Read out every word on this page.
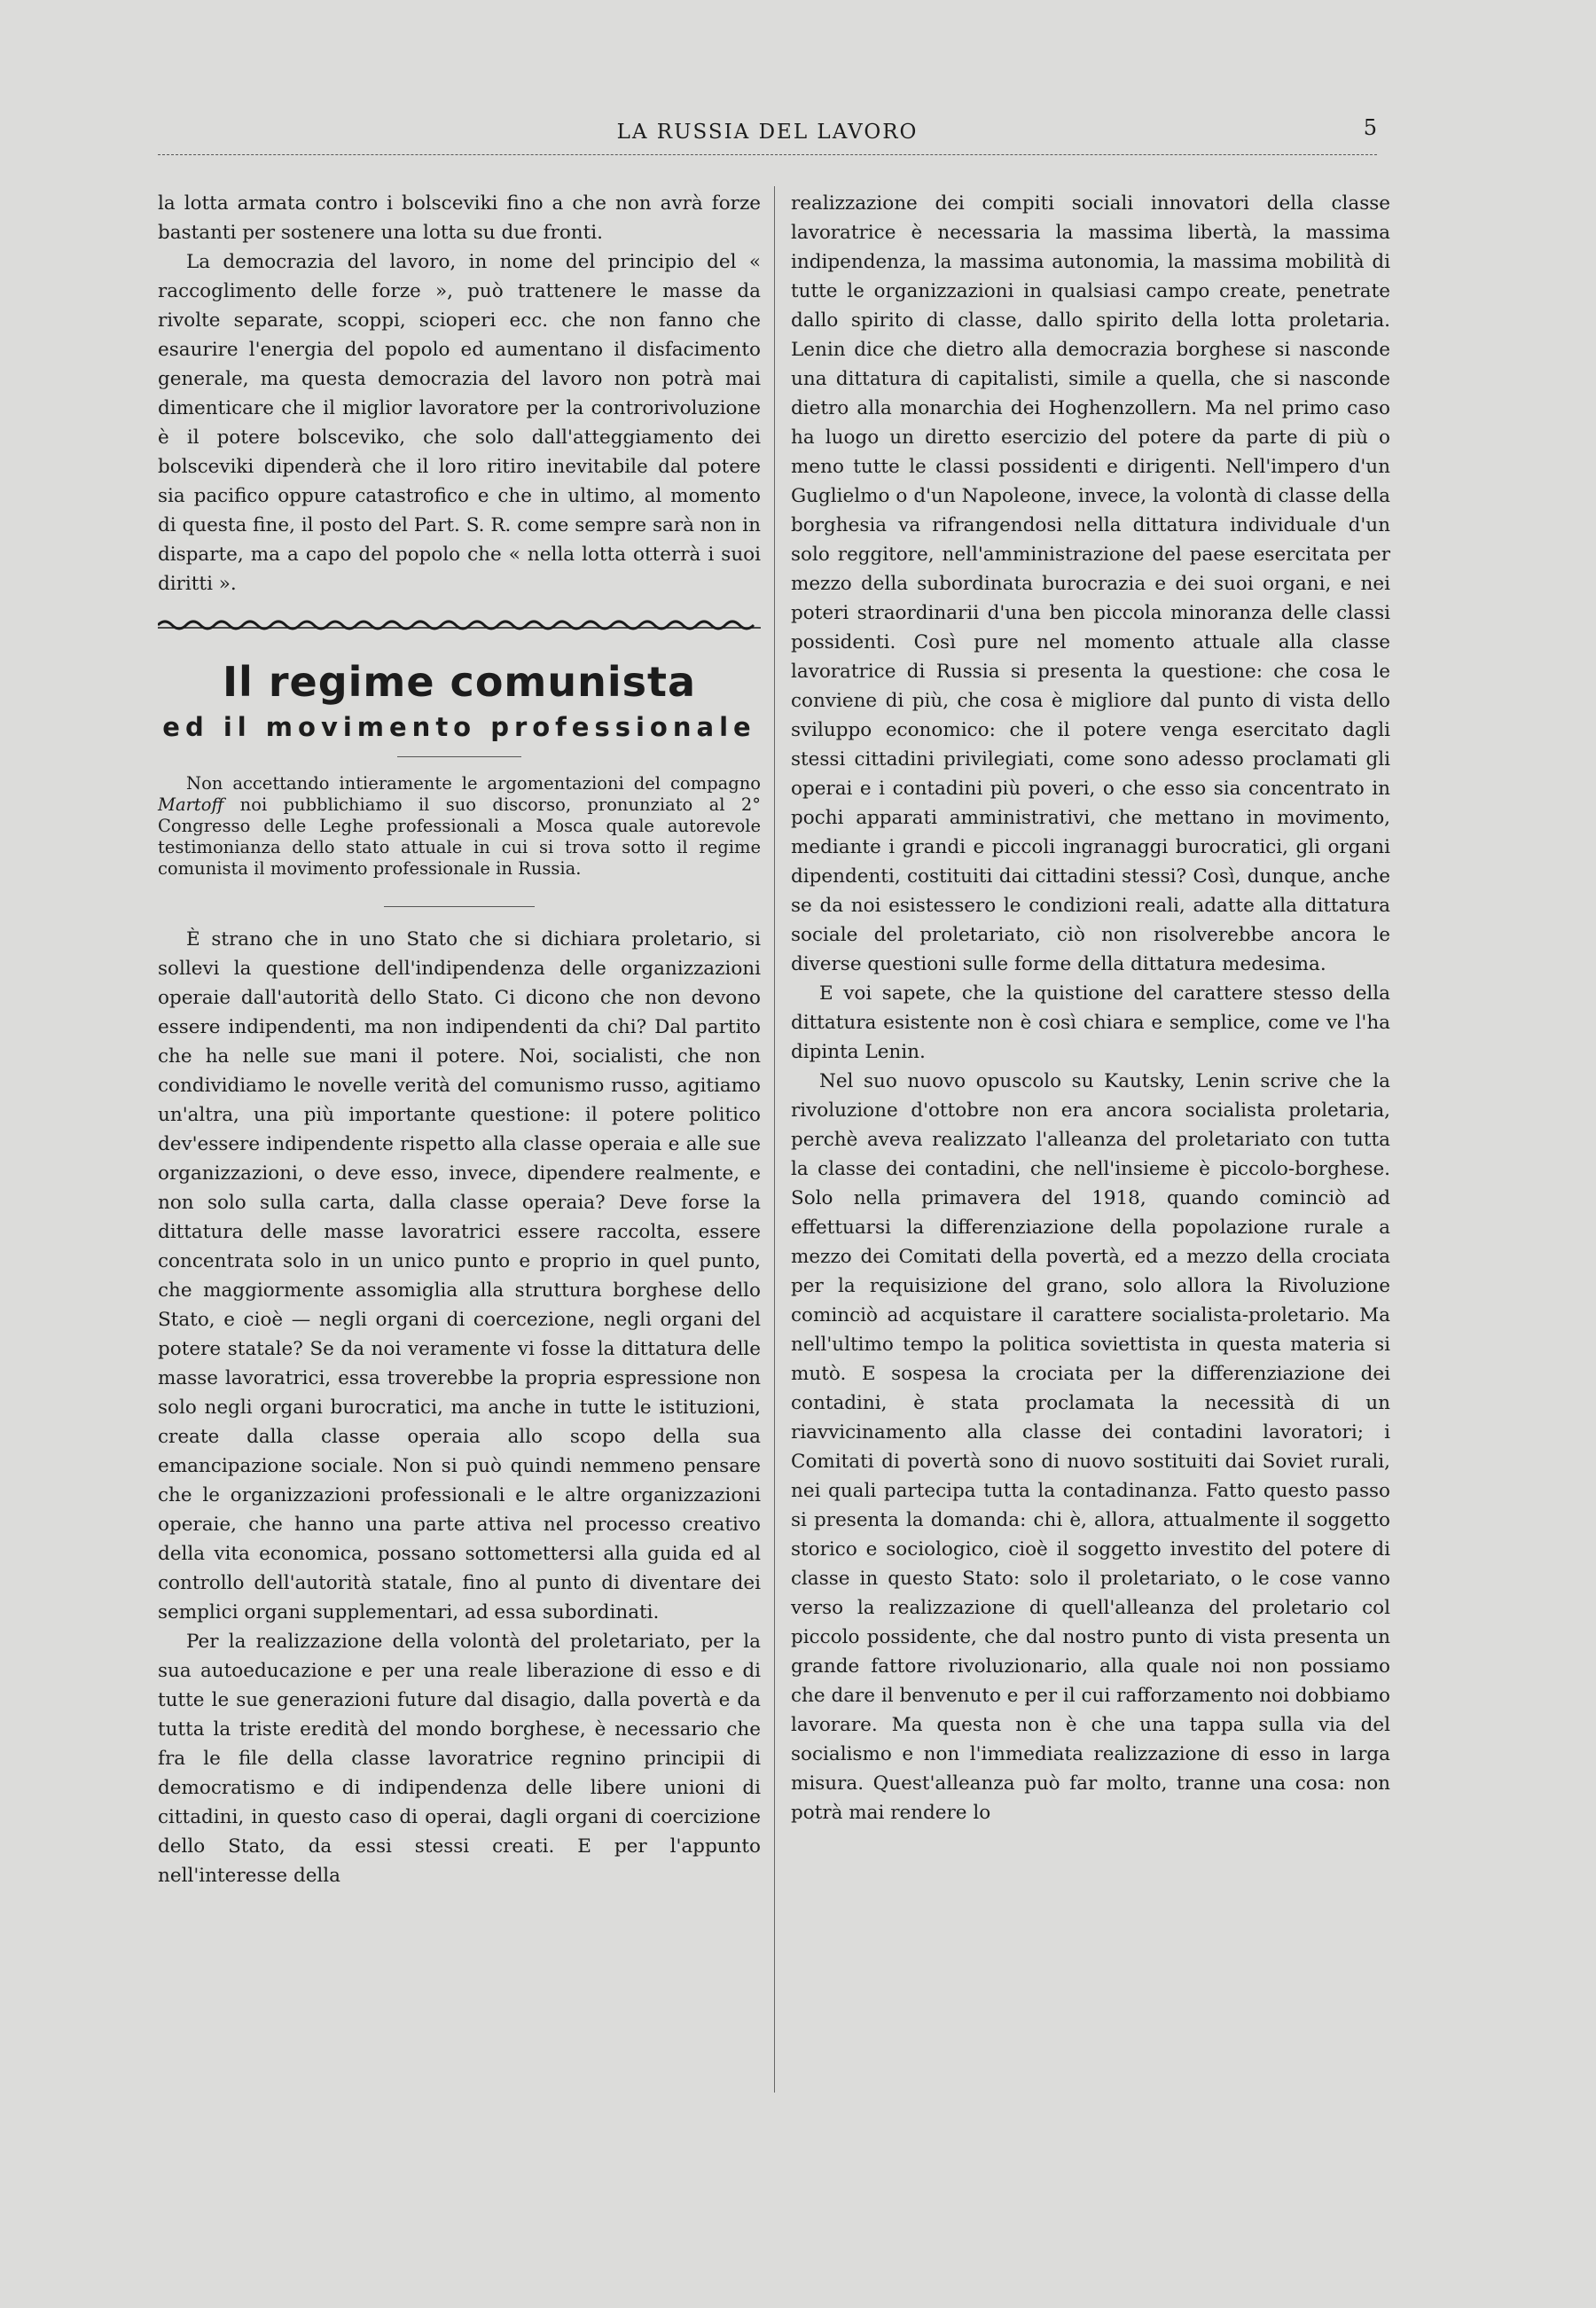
LA RUSSIA DEL LAVORO	5

la lotta armata contro i bolsceviki fino a che non avrà forze bastanti per sostenere una lotta su due fronti.

La democrazia del lavoro, in nome del principio del « raccoglimento delle forze », può trattenere le masse da rivolte separate, scoppi, scioperi ecc. che non fanno che esaurire l'energia del popolo ed aumentano il disfacimento generale, ma questa democrazia del lavoro non potrà mai dimenticare che il miglior lavoratore per la controrivoluzione è il potere bolsceviko, che solo dall'atteggiamento dei bolsceviki dipenderà che il loro ritiro inevitabile dal potere sia pacifico oppure catastrofico e che in ultimo, al momento di questa fine, il posto del Part. S. R. come sempre sarà non in disparte, ma a capo del popolo che « nella lotta otterrà i suoi diritti ».

Il regime comunista
ed il movimento professionale

Non accettando intieramente le argomentazioni del compagno Martoff noi pubblichiamo il suo discorso, pronunziato al 2° Congresso delle Leghe professionali a Mosca quale autorevole testimonianza dello stato attuale in cui si trova sotto il regime comunista il movimento professionale in Russia.

È strano che in uno Stato che si dichiara proletario, si sollevi la questione dell'indipendenza delle organizzazioni operaie dall'autorità dello Stato. Ci dicono che non devono essere indipendenti, ma non indipendenti da chi? Dal partito che ha nelle sue mani il potere. Noi, socialisti, che non condividiamo le novelle verità del comunismo russo, agitiamo un'altra, una più importante questione: il potere politico dev'essere indipendente rispetto alla classe operaia e alle sue organizzazioni, o deve esso, invece, dipendere realmente, e non solo sulla carta, dalla classe operaia? Deve forse la dittatura delle masse lavoratrici essere raccolta, essere concentrata solo in un unico punto e proprio in quel punto, che maggiormente assomiglia alla struttura borghese dello Stato, e cioè — negli organi di coercezione, negli organi del potere statale? Se da noi veramente vi fosse la dittatura delle masse lavoratrici, essa troverebbe la propria espressione non solo negli organi burocratici, ma anche in tutte le istituzioni, create dalla classe operaia allo scopo della sua emancipazione sociale. Non si può quindi nemmeno pensare che le organizzazioni professionali e le altre organizzazioni operaie, che hanno una parte attiva nel processo creativo della vita economica, possano sottomettersi alla guida ed al controllo dell'autorità statale, fino al punto di diventare dei semplici organi supplementari, ad essa subordinati.

Per la realizzazione della volontà del proletariato, per la sua autoeducazione e per una reale liberazione di esso e di tutte le sue generazioni future dal disagio, dalla povertà e da tutta la triste eredità del mondo borghese, è necessario che fra le file della classe lavoratrice regnino principii di democratismo e di indipendenza delle libere unioni di cittadini, in questo caso di operai, dagli organi di coercizione dello Stato, da essi stessi creati. E per l'appunto nell'interesse della

realizzazione dei compiti sociali innovatori della classe lavoratrice è necessaria la massima libertà, la massima indipendenza, la massima autonomia, la massima mobilità di tutte le organizzazioni in qualsiasi campo create, penetrate dallo spirito di classe, dallo spirito della lotta proletaria. Lenin dice che dietro alla democrazia borghese si nasconde una dittatura di capitalisti, simile a quella, che si nasconde dietro alla monarchia dei Hoghenzollern. Ma nel primo caso ha luogo un diretto esercizio del potere da parte di più o meno tutte le classi possidenti e dirigenti. Nell'impero d'un Guglielmo o d'un Napoleone, invece, la volontà di classe della borghesia va rifrangendosi nella dittatura individuale d'un solo reggitore, nell'amministrazione del paese esercitata per mezzo della subordinata burocrazia e dei suoi organi, e nei poteri straordinarii d'una ben piccola minoranza delle classi possidenti. Così pure nel momento attuale alla classe lavoratrice di Russia si presenta la questione: che cosa le conviene di più, che cosa è migliore dal punto di vista dello sviluppo economico: che il potere venga esercitato dagli stessi cittadini privilegiati, come sono adesso proclamati gli operai e i contadini più poveri, o che esso sia concentrato in pochi apparati amministrativi, che mettano in movimento, mediante i grandi e piccoli ingranaggi burocratici, gli organi dipendenti, costituiti dai cittadini stessi? Così, dunque, anche se da noi esistessero le condizioni reali, adatte alla dittatura sociale del proletariato, ciò non risolverebbe ancora le diverse questioni sulle forme della dittatura medesima.

E voi sapete, che la quistione del carattere stesso della dittatura esistente non è così chiara e semplice, come ve l'ha dipinta Lenin.

Nel suo nuovo opuscolo su Kautsky, Lenin scrive che la rivoluzione d'ottobre non era ancora socialista proletaria, perchè aveva realizzato l'alleanza del proletariato con tutta la classe dei contadini, che nell'insieme è piccolo-borghese. Solo nella primavera del 1918, quando cominciò ad effettuarsi la differenziazione della popolazione rurale a mezzo dei Comitati della povertà, ed a mezzo della crociata per la requisizione del grano, solo allora la Rivoluzione cominciò ad acquistare il carattere socialista-proletario. Ma nell'ultimo tempo la politica soviettista in questa materia si mutò. E sospesa la crociata per la differenziazione dei contadini, è stata proclamata la necessità di un riavvicinamento alla classe dei contadini lavoratori; i Comitati di povertà sono di nuovo sostituiti dai Soviet rurali, nei quali partecipa tutta la contadinanza. Fatto questo passo si presenta la domanda: chi è, allora, attualmente il soggetto storico e sociologico, cioè il soggetto investito del potere di classe in questo Stato: solo il proletariato, o le cose vanno verso la realizzazione di quell'alleanza del proletario col piccolo possidente, che dal nostro punto di vista presenta un grande fattore rivoluzionario, alla quale noi non possiamo che dare il benvenuto e per il cui rafforzamento noi dobbiamo lavorare. Ma questa non è che una tappa sulla via del socialismo e non l'immediata realizzazione di esso in larga misura. Quest'alleanza può far molto, tranne una cosa: non potrà mai rendere lo
